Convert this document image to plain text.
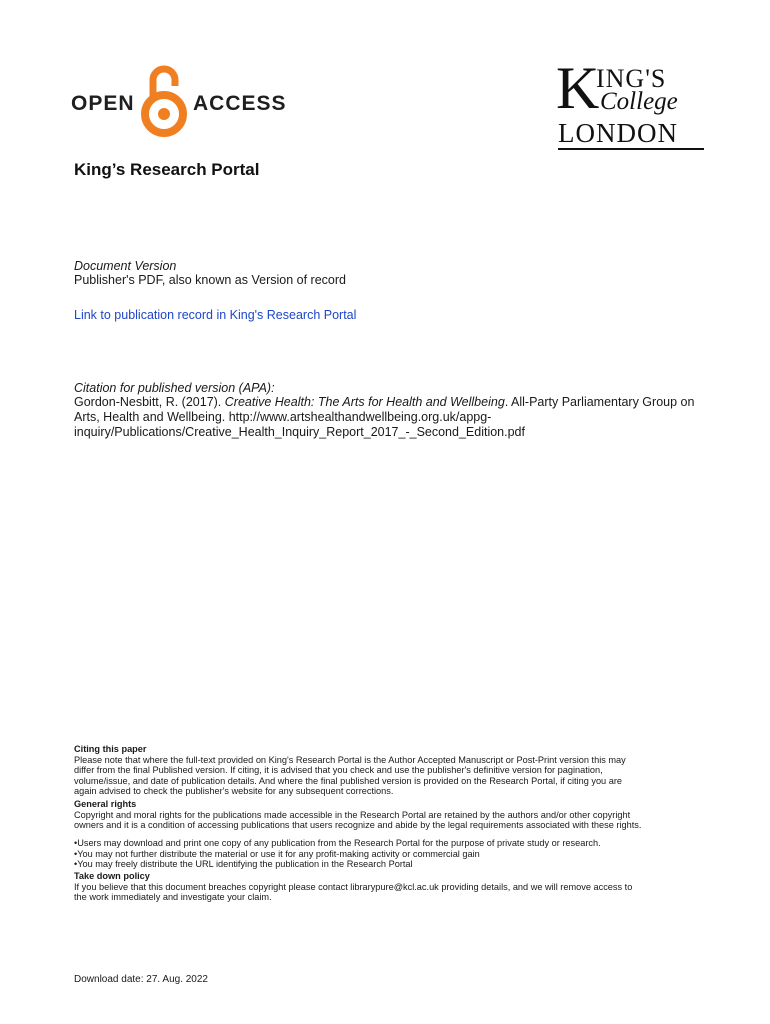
OPEN	ACCESS	K
ING'S
College
LONDON
King’s Research Portal
Document Version
Publisher's PDF, also known as Version of record
Link to publication record in King's Research Portal
Citation for published version (APA):
Gordon-Nesbitt, R. (2017). Creative Health: The Arts for Health and Wellbeing. All-Party Parliamentary Group on
Arts, Health and Wellbeing. http://www.artshealthandwellbeing.org.uk/appg-
inquiry/Publications/Creative_Health_Inquiry_Report_2017_-_Second_Edition.pdf

Citing this paper

Please note that where the full-text provided on King's Research Portal is the Author Accepted Manuscript or Post-Print version this may

differ from the final Published version. If citing, it is advised that you check and use the publisher's definitive version for pagination,

volume/issue, and date of publication details. And where the final published version is provided on the Research Portal, if citing you are

again advised to check the publisher's website for any subsequent corrections.

General rights

Copyright and moral rights for the publications made accessible in the Research Portal are retained by the authors and/or other copyright

owners and it is a condition of accessing publications that users recognize and abide by the legal requirements associated with these rights.

•Users may download and print one copy of any publication from the Research Portal for the purpose of private study or research.

•You may not further distribute the material or use it for any profit-making activity or commercial gain

•You may freely distribute the URL identifying the publication in the Research Portal

Take down policy

If you believe that this document breaches copyright please contact librarypure@kcl.ac.uk providing details, and we will remove access to

the work immediately and investigate your claim.

Download date: 27. Aug. 2022
